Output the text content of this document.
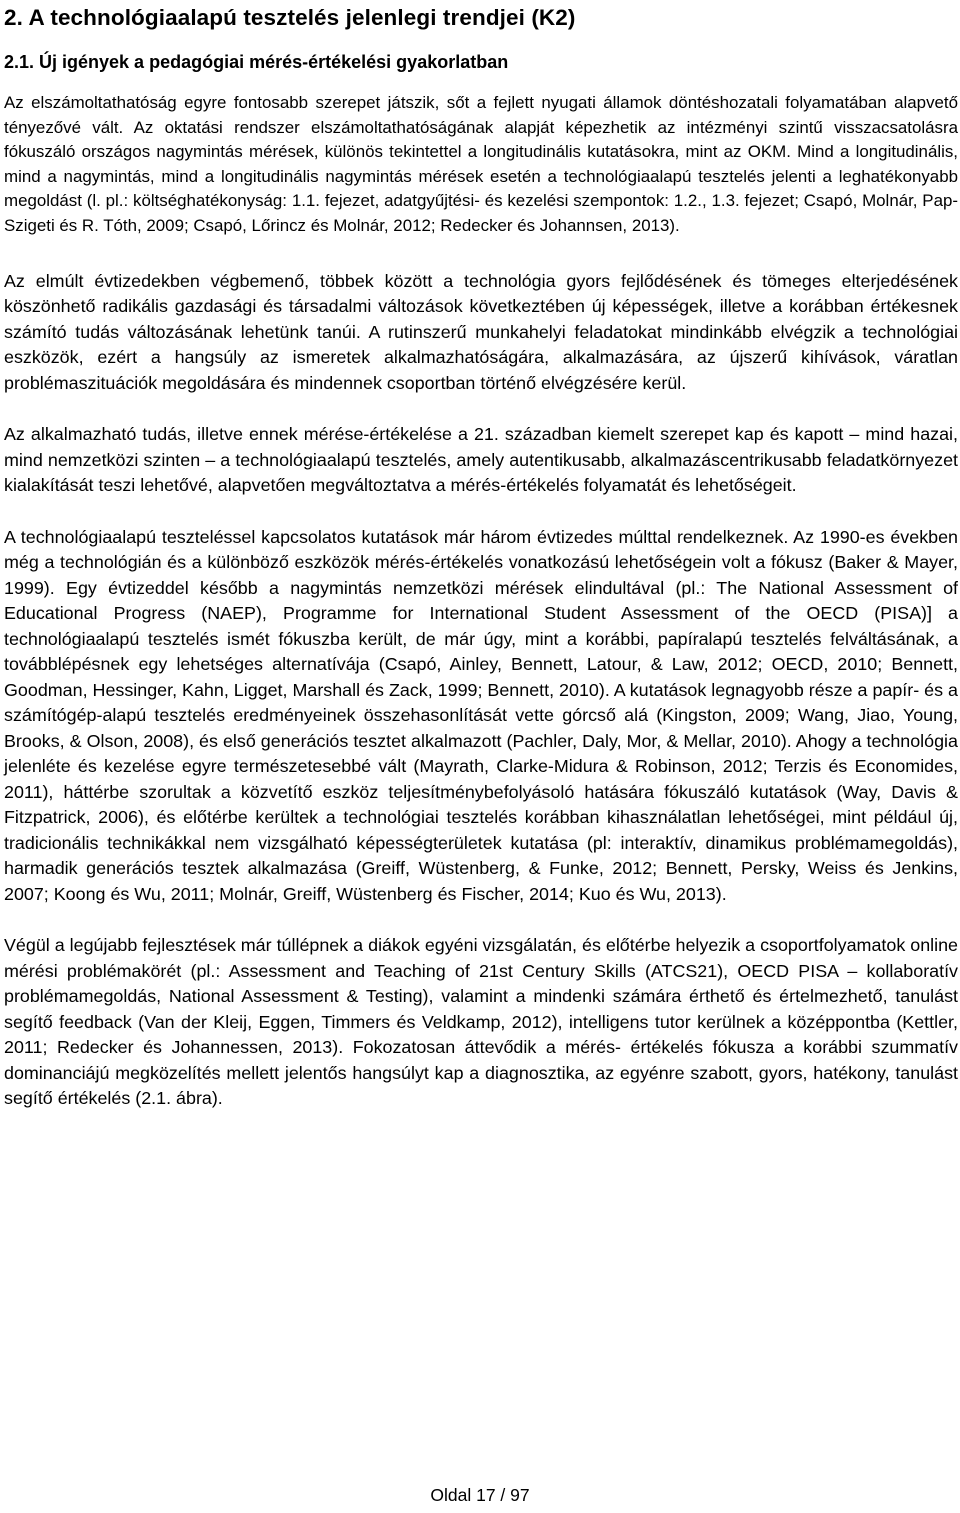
2. A technológiaalapú tesztelés jelenlegi trendjei (K2)
2.1. Új igények a pedagógiai mérés-értékelési gyakorlatban

Az elszámoltathatóság egyre fontosabb szerepet játszik, sőt a fejlett nyugati államok döntéshozatali folyamatában alapvető tényezővé vált. Az oktatási rendszer elszámoltathatóságának alapját képezhetik az intézményi szintű visszacsatolásra fókuszáló országos nagymintás mérések, különös tekintettel a longitudinális kutatásokra, mint az OKM. Mind a longitudinális, mind a nagymintás, mind a longitudinális nagymintás mérések esetén a technológiaalapú tesztelés jelenti a leghatékonyabb megoldást (l. pl.: költséghatékonyság: 1.1. fejezet, adatgyűjtési- és kezelési szempontok: 1.2., 1.3. fejezet; Csapó, Molnár, Pap-Szigeti és R. Tóth, 2009; Csapó, Lőrincz és Molnár, 2012; Redecker és Johannsen, 2013).

Az elmúlt évtizedekben végbemenő, többek között a technológia gyors fejlődésének és tömeges elterjedésének köszönhető radikális gazdasági és társadalmi változások következtében új képességek, illetve a korábban értékesnek számító tudás változásának lehetünk tanúi. A rutinszerű munkahelyi feladatokat mindinkább elvégzik a technológiai eszközök, ezért a hangsúly az ismeretek alkalmazhatóságára, alkalmazására, az újszerű kihívások, váratlan problémaszituációk megoldására és mindennek csoportban történő elvégzésére kerül.

Az alkalmazható tudás, illetve ennek mérése-értékelése a 21. században kiemelt szerepet kap és kapott – mind hazai, mind nemzetközi szinten – a technológiaalapú tesztelés, amely autentikusabb, alkalmazáscentrikusabb feladatkörnyezet kialakítását teszi lehetővé, alapvetően megváltoztatva a mérés-értékelés folyamatát és lehetőségeit.

A technológiaalapú teszteléssel kapcsolatos kutatások már három évtizedes múlttal rendelkeznek. Az 1990-es években még a technológián és a különböző eszközök mérés-értékelés vonatkozású lehetőségein volt a fókusz (Baker & Mayer, 1999). Egy évtizeddel később a nagymintás nemzetközi mérések elindultával (pl.: The National Assessment of Educational Progress (NAEP), Programme for International Student Assessment of the OECD (PISA)] a technológiaalapú tesztelés ismét fókuszba került, de már úgy, mint a korábbi, papíralapú tesztelés felváltásának, a továbblépésnek egy lehetséges alternatívája (Csapó, Ainley, Bennett, Latour, & Law, 2012; OECD, 2010; Bennett, Goodman, Hessinger, Kahn, Ligget, Marshall és Zack, 1999; Bennett, 2010). A kutatások legnagyobb része a papír- és a számítógép-alapú tesztelés eredményeinek összehasonlítását vette górcső alá (Kingston, 2009; Wang, Jiao, Young, Brooks, & Olson, 2008), és első generációs tesztet alkalmazott (Pachler, Daly, Mor, & Mellar, 2010). Ahogy a technológia jelenléte és kezelése egyre természetesebbé vált (Mayrath, Clarke-Midura & Robinson, 2012; Terzis és Economides, 2011), háttérbe szorultak a közvetítő eszköz teljesítménybefolyásoló hatására fókuszáló kutatások (Way, Davis & Fitzpatrick, 2006), és előtérbe kerültek a technológiai tesztelés korábban kihasználatlan lehetőségei, mint például új, tradicionális technikákkal nem vizsgálható képességterületek kutatása (pl: interaktív, dinamikus problémamegoldás), harmadik generációs tesztek alkalmazása (Greiff, Wüstenberg, & Funke, 2012; Bennett, Persky, Weiss és Jenkins, 2007; Koong és Wu, 2011; Molnár, Greiff, Wüstenberg és Fischer, 2014; Kuo és Wu, 2013).

Végül a legújabb fejlesztések már túllépnek a diákok egyéni vizsgálatán, és előtérbe helyezik a csoportfolyamatok online mérési problémakörét (pl.: Assessment and Teaching of 21st Century Skills (ATCS21), OECD PISA – kollaboratív problémamegoldás, National Assessment & Testing), valamint a mindenki számára érthető és értelmezhető, tanulást segítő feedback (Van der Kleij, Eggen, Timmers és Veldkamp, 2012), intelligens tutor kerülnek a középpontba (Kettler, 2011; Redecker és Johannessen, 2013). Fokozatosan áttevődik a mérés- értékelés fókusza a korábbi szummatív dominanciájú megközelítés mellett jelentős hangsúlyt kap a diagnosztika, az egyénre szabott, gyors, hatékony, tanulást segítő értékelés (2.1. ábra).

Oldal 17 / 97
